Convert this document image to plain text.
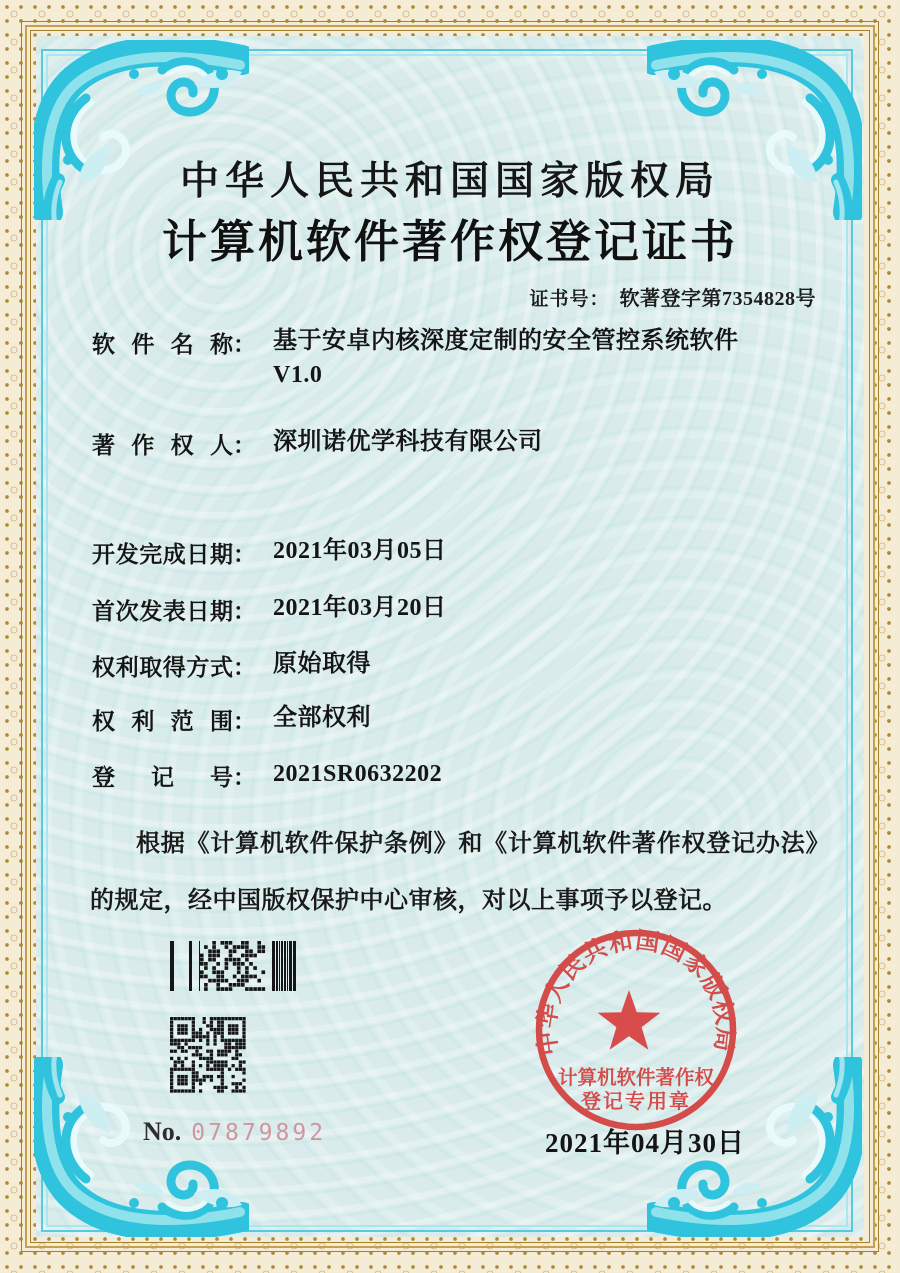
中华人民共和国国家版权局
计算机软件著作权登记证书
证书号： 软著登字第7354828号
软件名称： 基于安卓内核深度定制的安全管控系统软件
V1.0
著作权人： 深圳诺优学科技有限公司
开发完成日期： 2021年03月05日
首次发表日期： 2021年03月20日
权利取得方式： 原始取得
权利范围： 全部权利
登记号： 2021SR0632202
根据《计算机软件保护条例》和《计算机软件著作权登记办法》的规定，经中国版权保护中心审核，对以上事项予以登记。
No. 07879892
中华人民共和国国家版权局
计算机软件著作权
登记专用章
2021年04月30日
